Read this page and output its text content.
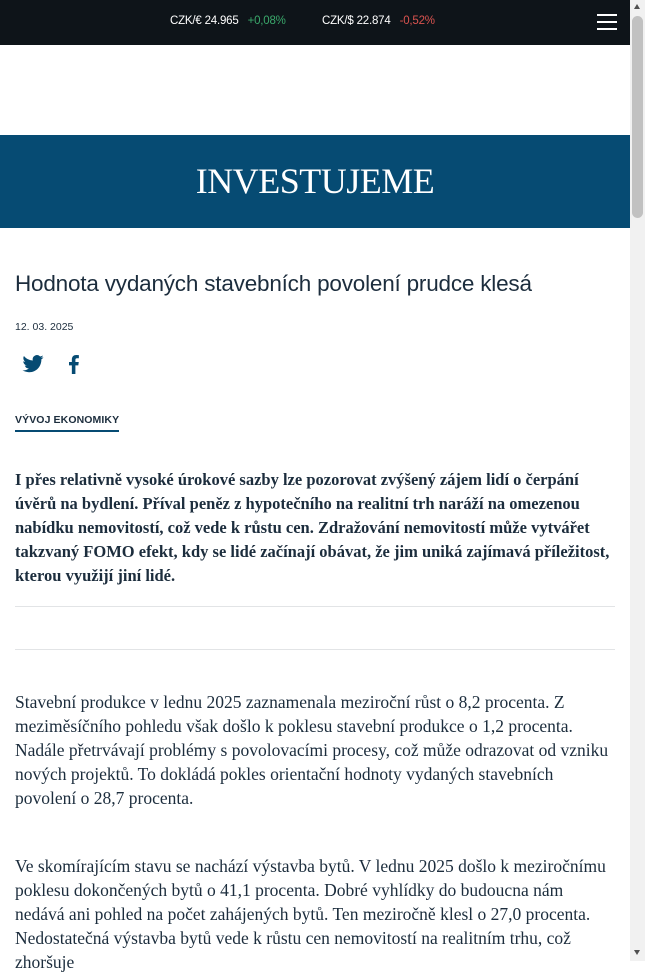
CZK/€ 24.965 +0,08%	CZK/$ 22.874 -0,52%
INVESTUJEME
Hodnota vydaných stavebních povolení prudce klesá
12. 03. 2025
VÝVOJ EKONOMIKY

I přes relativně vysoké úrokové sazby lze pozorovat zvýšený zájem lidí o čerpání úvěrů na bydlení. Příval peněz z hypotečního na realitní trh naráží na omezenou nabídku nemovitostí, což vede k růstu cen. Zdražování nemovitostí může vytvářet takzvaný FOMO efekt, kdy se lidé začínají obávat, že jim uniká zajímavá příležitost, kterou využijí jiní lidé.

Stavební produkce v lednu 2025 zaznamenala meziroční růst o 8,2 procenta. Z meziměsíčního pohledu však došlo k poklesu stavební produkce o 1,2 procenta. Nadále přetrvávají problémy s povolovacími procesy, což může odrazovat od vzniku nových projektů. To dokládá pokles orientační hodnoty vydaných stavebních povolení o 28,7 procenta.

Ve skomírajícím stavu se nachází výstavba bytů. V lednu 2025 došlo k meziročnímu poklesu dokončených bytů o 41,1 procenta. Dobré vyhlídky do budoucna nám nedává ani pohled na počet zahájených bytů. Ten meziročně klesl o 27,0 procenta. Nedostatečná výstavba bytů vede k růstu cen nemovitostí na realitním trhu, což zhoršuje
